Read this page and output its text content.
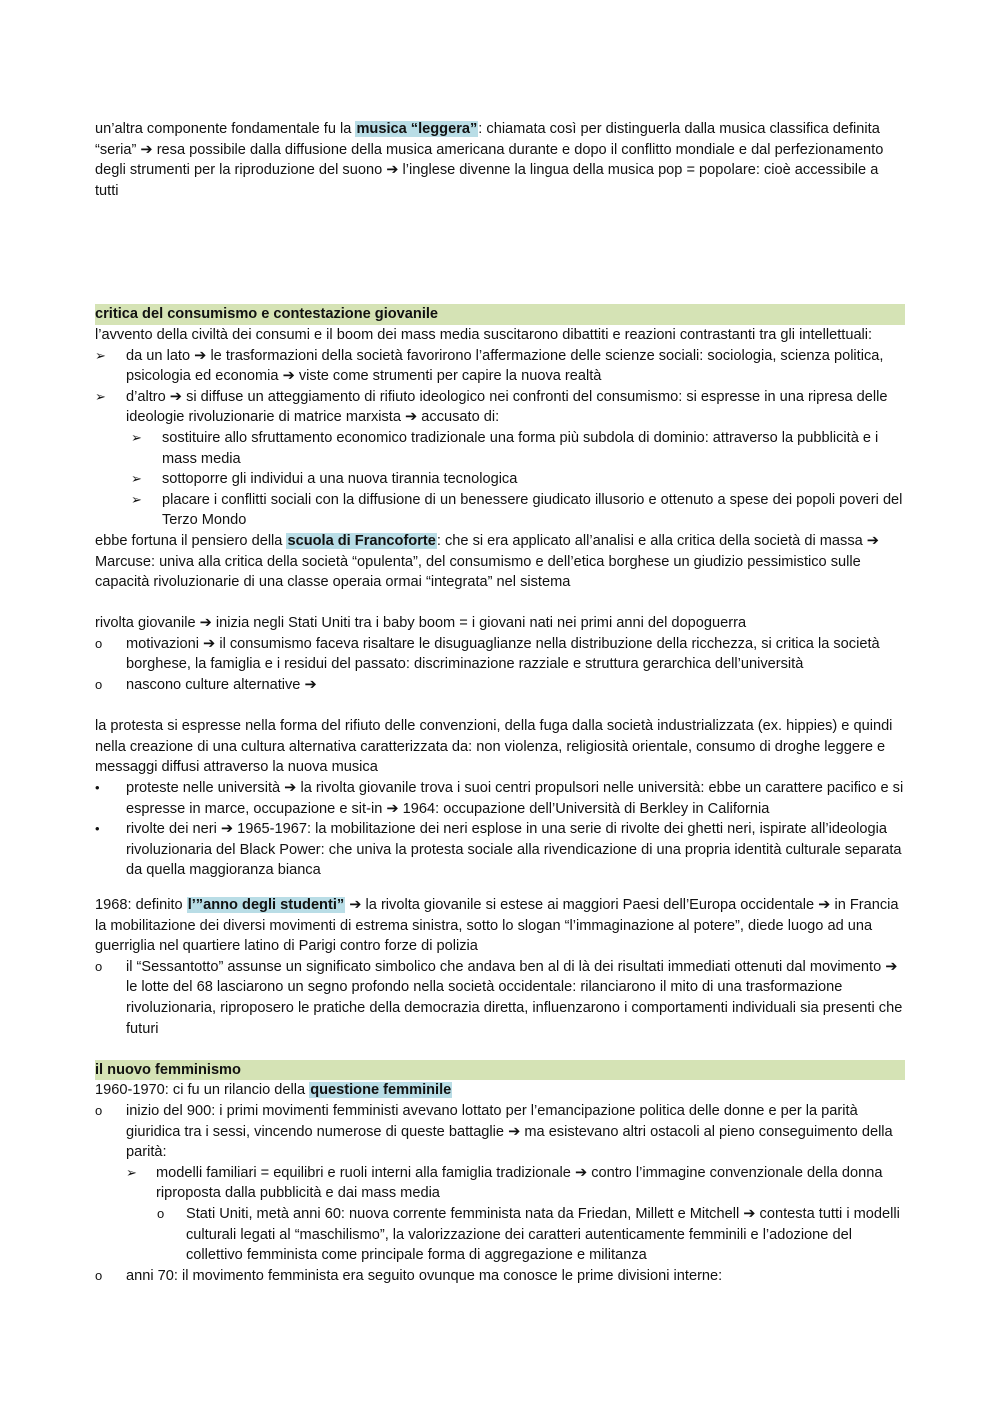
un’altra componente fondamentale fu la musica “leggera”: chiamata così per distinguerla dalla musica classifica definita “seria” ➔ resa possibile dalla diffusione della musica americana durante e dopo il conflitto mondiale e dal perfezionamento degli strumenti per la riproduzione del suono ➔ l’inglese divenne la lingua della musica pop = popolare: cioè accessibile a tutti

critica del consumismo e contestazione giovanile

l’avvento della civiltà dei consumi e il boom dei mass media suscitarono dibattiti e reazioni contrastanti tra gli intellettuali:

➢ da un lato ➔ le trasformazioni della società favorirono l’affermazione delle scienze sociali: sociologia, scienza politica, psicologia ed economia ➔ viste come strumenti per capire la nuova realtà
➢ d’altro ➔ si diffuse un atteggiamento di rifiuto ideologico nei confronti del consumismo: si espresse in una ripresa delle ideologie rivoluzionarie di matrice marxista ➔ accusato di:
➢ sostituire allo sfruttamento economico tradizionale una forma più subdola di dominio: attraverso la pubblicità e i mass media
➢ sottoporre gli individui a una nuova tirannia tecnologica
➢ placare i conflitti sociali con la diffusione di un benessere giudicato illusorio e ottenuto a spese dei popoli poveri del Terzo Mondo

ebbe fortuna il pensiero della scuola di Francoforte: che si era applicato all’analisi e alla critica della società di massa ➔ Marcuse: univa alla critica della società “opulenta”, del consumismo e dell’etica borghese un giudizio pessimistico sulle capacità rivoluzionarie di una classe operaia ormai “integrata” nel sistema

rivolta giovanile ➔ inizia negli Stati Uniti tra i baby boom = i giovani nati nei primi anni del dopoguerra

o motivazioni ➔ il consumismo faceva risaltare le disuguaglianze nella distribuzione della ricchezza, si critica la società borghese, la famiglia e i residui del passato: discriminazione razziale e struttura gerarchica dell’università
o nascono culture alternative ➔

la protesta si espresse nella forma del rifiuto delle convenzioni, della fuga dalla società industrializzata (ex. hippies) e quindi nella creazione di una cultura alternativa caratterizzata da: non violenza, religiosità orientale, consumo di droghe leggere e messaggi diffusi attraverso la nuova musica

• proteste nelle università ➔ la rivolta giovanile trova i suoi centri propulsori nelle università: ebbe un carattere pacifico e si espresse in marce, occupazione e sit-in ➔ 1964: occupazione dell’Università di Berkley in California
• rivolte dei neri ➔ 1965-1967: la mobilitazione dei neri esplose in una serie di rivolte dei ghetti neri, ispirate all’ideologia rivoluzionaria del Black Power: che univa la protesta sociale alla rivendicazione di una propria identità culturale separata da quella maggioranza bianca

1968: definito l’”anno degli studenti” ➔ la rivolta giovanile si estese ai maggiori Paesi dell’Europa occidentale ➔ in Francia la mobilitazione dei diversi movimenti di estrema sinistra, sotto lo slogan “l’immaginazione al potere”, diede luogo ad una guerriglia nel quartiere latino di Parigi contro forze di polizia

o il “Sessantotto” assunse un significato simbolico che andava ben al di là dei risultati immediati ottenuti dal movimento ➔ le lotte del 68 lasciarono un segno profondo nella società occidentale: rilanciarono il mito di una trasformazione rivoluzionaria, riproposero le pratiche della democrazia diretta, influenzarono i comportamenti individuali sia presenti che futuri

il nuovo femminismo

1960-1970: ci fu un rilancio della questione femminile

o inizio del 900: i primi movimenti femministi avevano lottato per l’emancipazione politica delle donne e per la parità giuridica tra i sessi, vincendo numerose di queste battaglie ➔ ma esistevano altri ostacoli al pieno conseguimento della parità:
➢ modelli familiari = equilibri e ruoli interni alla famiglia tradizionale ➔ contro l’immagine convenzionale della donna riproposta dalla pubblicità e dai mass media
o Stati Uniti, metà anni 60: nuova corrente femminista nata da Friedan, Millett e Mitchell ➔ contesta tutti i modelli culturali legati al “maschilismo”, la valorizzazione dei caratteri autenticamente femminili e l’adozione del collettivo femminista come principale forma di aggregazione e militanza
o anni 70: il movimento femminista era seguito ovunque ma conosce le prime divisioni interne:
